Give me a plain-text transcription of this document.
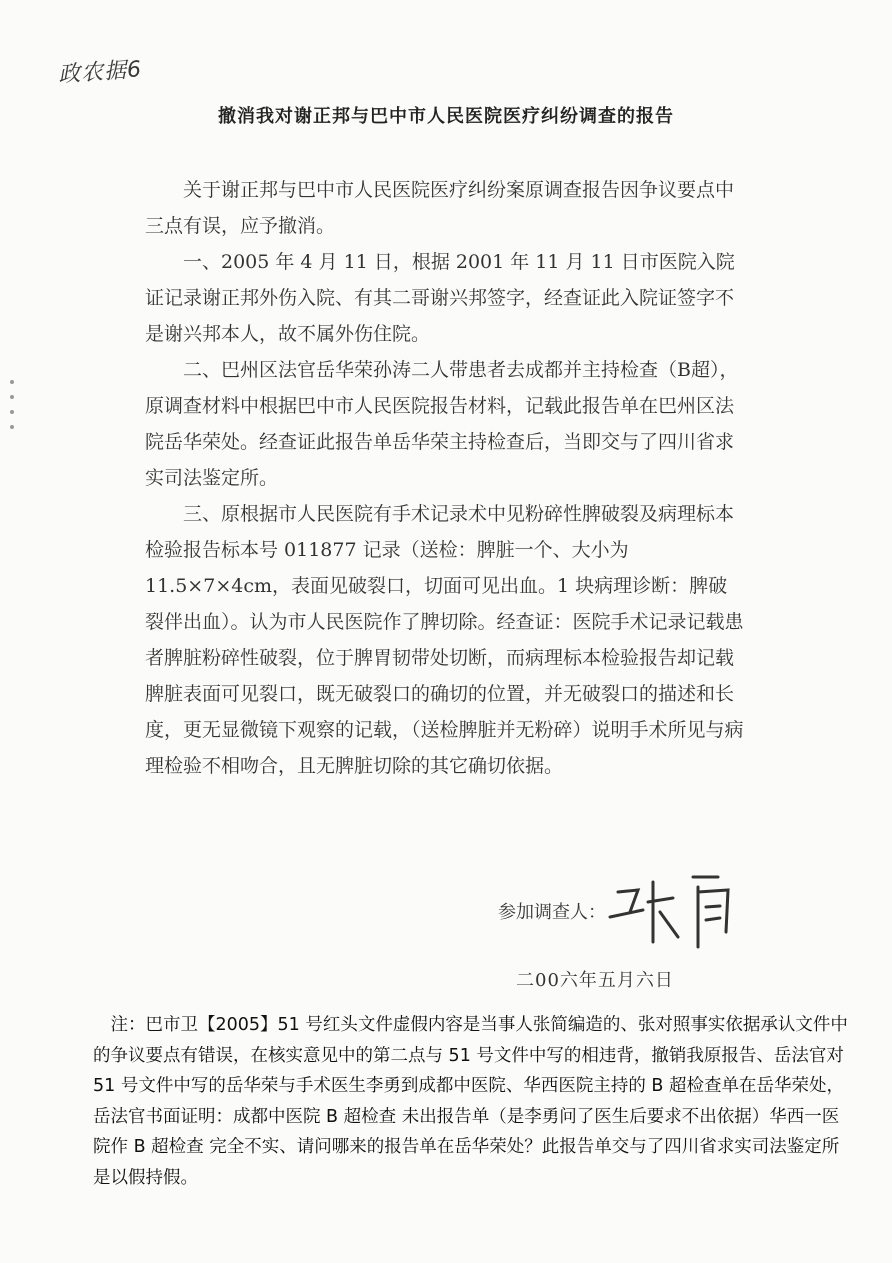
政农据6
撤消我对谢正邦与巴中市人民医院医疗纠纷调查的报告

关于谢正邦与巴中市人民医院医疗纠纷案原调查报告因争议要点中三点有误，应予撤消。

一、2005 年 4 月 11 日，根据 2001 年 11 月 11 日市医院入院证记录谢正邦外伤入院、有其二哥谢兴邦签字，经查证此入院证签字不是谢兴邦本人，故不属外伤住院。

二、巴州区法官岳华荣孙涛二人带患者去成都并主持检查（B超），原调查材料中根据巴中市人民医院报告材料，记载此报告单在巴州区法院岳华荣处。经查证此报告单岳华荣主持检查后，当即交与了四川省求实司法鉴定所。

三、原根据市人民医院有手术记录术中见粉碎性脾破裂及病理标本检验报告标本号 011877 记录（送检：脾脏一个、大小为 11.5×7×4cm，表面见破裂口，切面可见出血。1 块病理诊断：脾破裂伴出血）。认为市人民医院作了脾切除。经查证：医院手术记录记载患者脾脏粉碎性破裂，位于脾胃韧带处切断，而病理标本检验报告却记载脾脏表面可见裂口，既无破裂口的确切的位置，并无破裂口的描述和长度，更无显微镜下观察的记载，（送检脾脏并无粉碎）说明手术所见与病理检验不相吻合，且无脾脏切除的其它确切依据。

参加调查人：
二00六年五月六日
注：巴市卫【2005】51 号红头文件虚假内容是当事人张简编造的、张对照事实依据承认文件中的争议要点有错误，在核实意见中的第二点与 51 号文件中写的相违背，撤销我原报告、岳法官对 51 号文件中写的岳华荣与手术医生李勇到成都中医院、华西医院主持的 B 超检查单在岳华荣处，岳法官书面证明：成都中医院 B 超检查 未出报告单（是李勇问了医生后要求不出依据）华西一医院作 B 超检查 完全不实、请问哪来的报告单在岳华荣处？此报告单交与了四川省求实司法鉴定所 是以假持假。
